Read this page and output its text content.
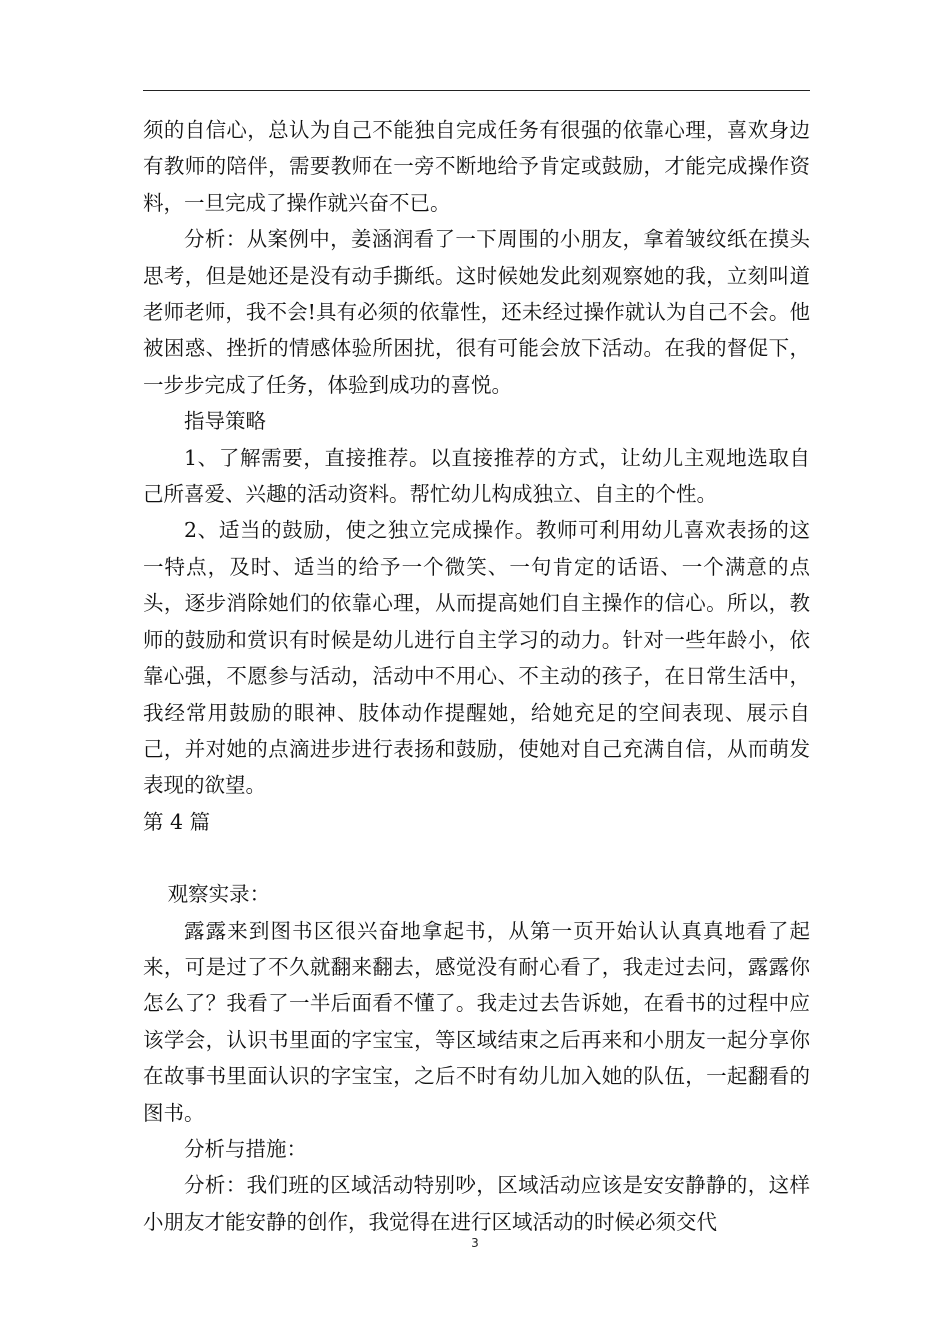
须的自信心，总认为自己不能独自完成任务有很强的依靠心理，喜欢身边有教师的陪伴，需要教师在一旁不断地给予肯定或鼓励，才能完成操作资料，一旦完成了操作就兴奋不已。

分析：从案例中，姜涵润看了一下周围的小朋友，拿着皱纹纸在摸头思考，但是她还是没有动手撕纸。这时候她发此刻观察她的我，立刻叫道老师老师，我不会!具有必须的依靠性，还未经过操作就认为自己不会。他被困惑、挫折的情感体验所困扰，很有可能会放下活动。在我的督促下，一步步完成了任务，体验到成功的喜悦。

指导策略

1、了解需要，直接推荐。以直接推荐的方式，让幼儿主观地选取自己所喜爱、兴趣的活动资料。帮忙幼儿构成独立、自主的个性。

2、适当的鼓励，使之独立完成操作。教师可利用幼儿喜欢表扬的这一特点，及时、适当的给予一个微笑、一句肯定的话语、一个满意的点头，逐步消除她们的依靠心理，从而提高她们自主操作的信心。所以，教师的鼓励和赏识有时候是幼儿进行自主学习的动力。针对一些年龄小，依靠心强，不愿参与活动，活动中不用心、不主动的孩子，在日常生活中，我经常用鼓励的眼神、肢体动作提醒她，给她充足的空间表现、展示自己，并对她的点滴进步进行表扬和鼓励，使她对自己充满自信，从而萌发表现的欲望。

第 4 篇

观察实录：

露露来到图书区很兴奋地拿起书，从第一页开始认认真真地看了起来，可是过了不久就翻来翻去，感觉没有耐心看了，我走过去问，露露你怎么了？我看了一半后面看不懂了。我走过去告诉她，在看书的过程中应该学会，认识书里面的字宝宝，等区域结束之后再来和小朋友一起分享你在故事书里面认识的字宝宝，之后不时有幼儿加入她的队伍，一起翻看的图书。

分析与措施：

分析：我们班的区域活动特别吵，区域活动应该是安安静静的，这样小朋友才能安静的创作，我觉得在进行区域活动的时候必须交代

3
